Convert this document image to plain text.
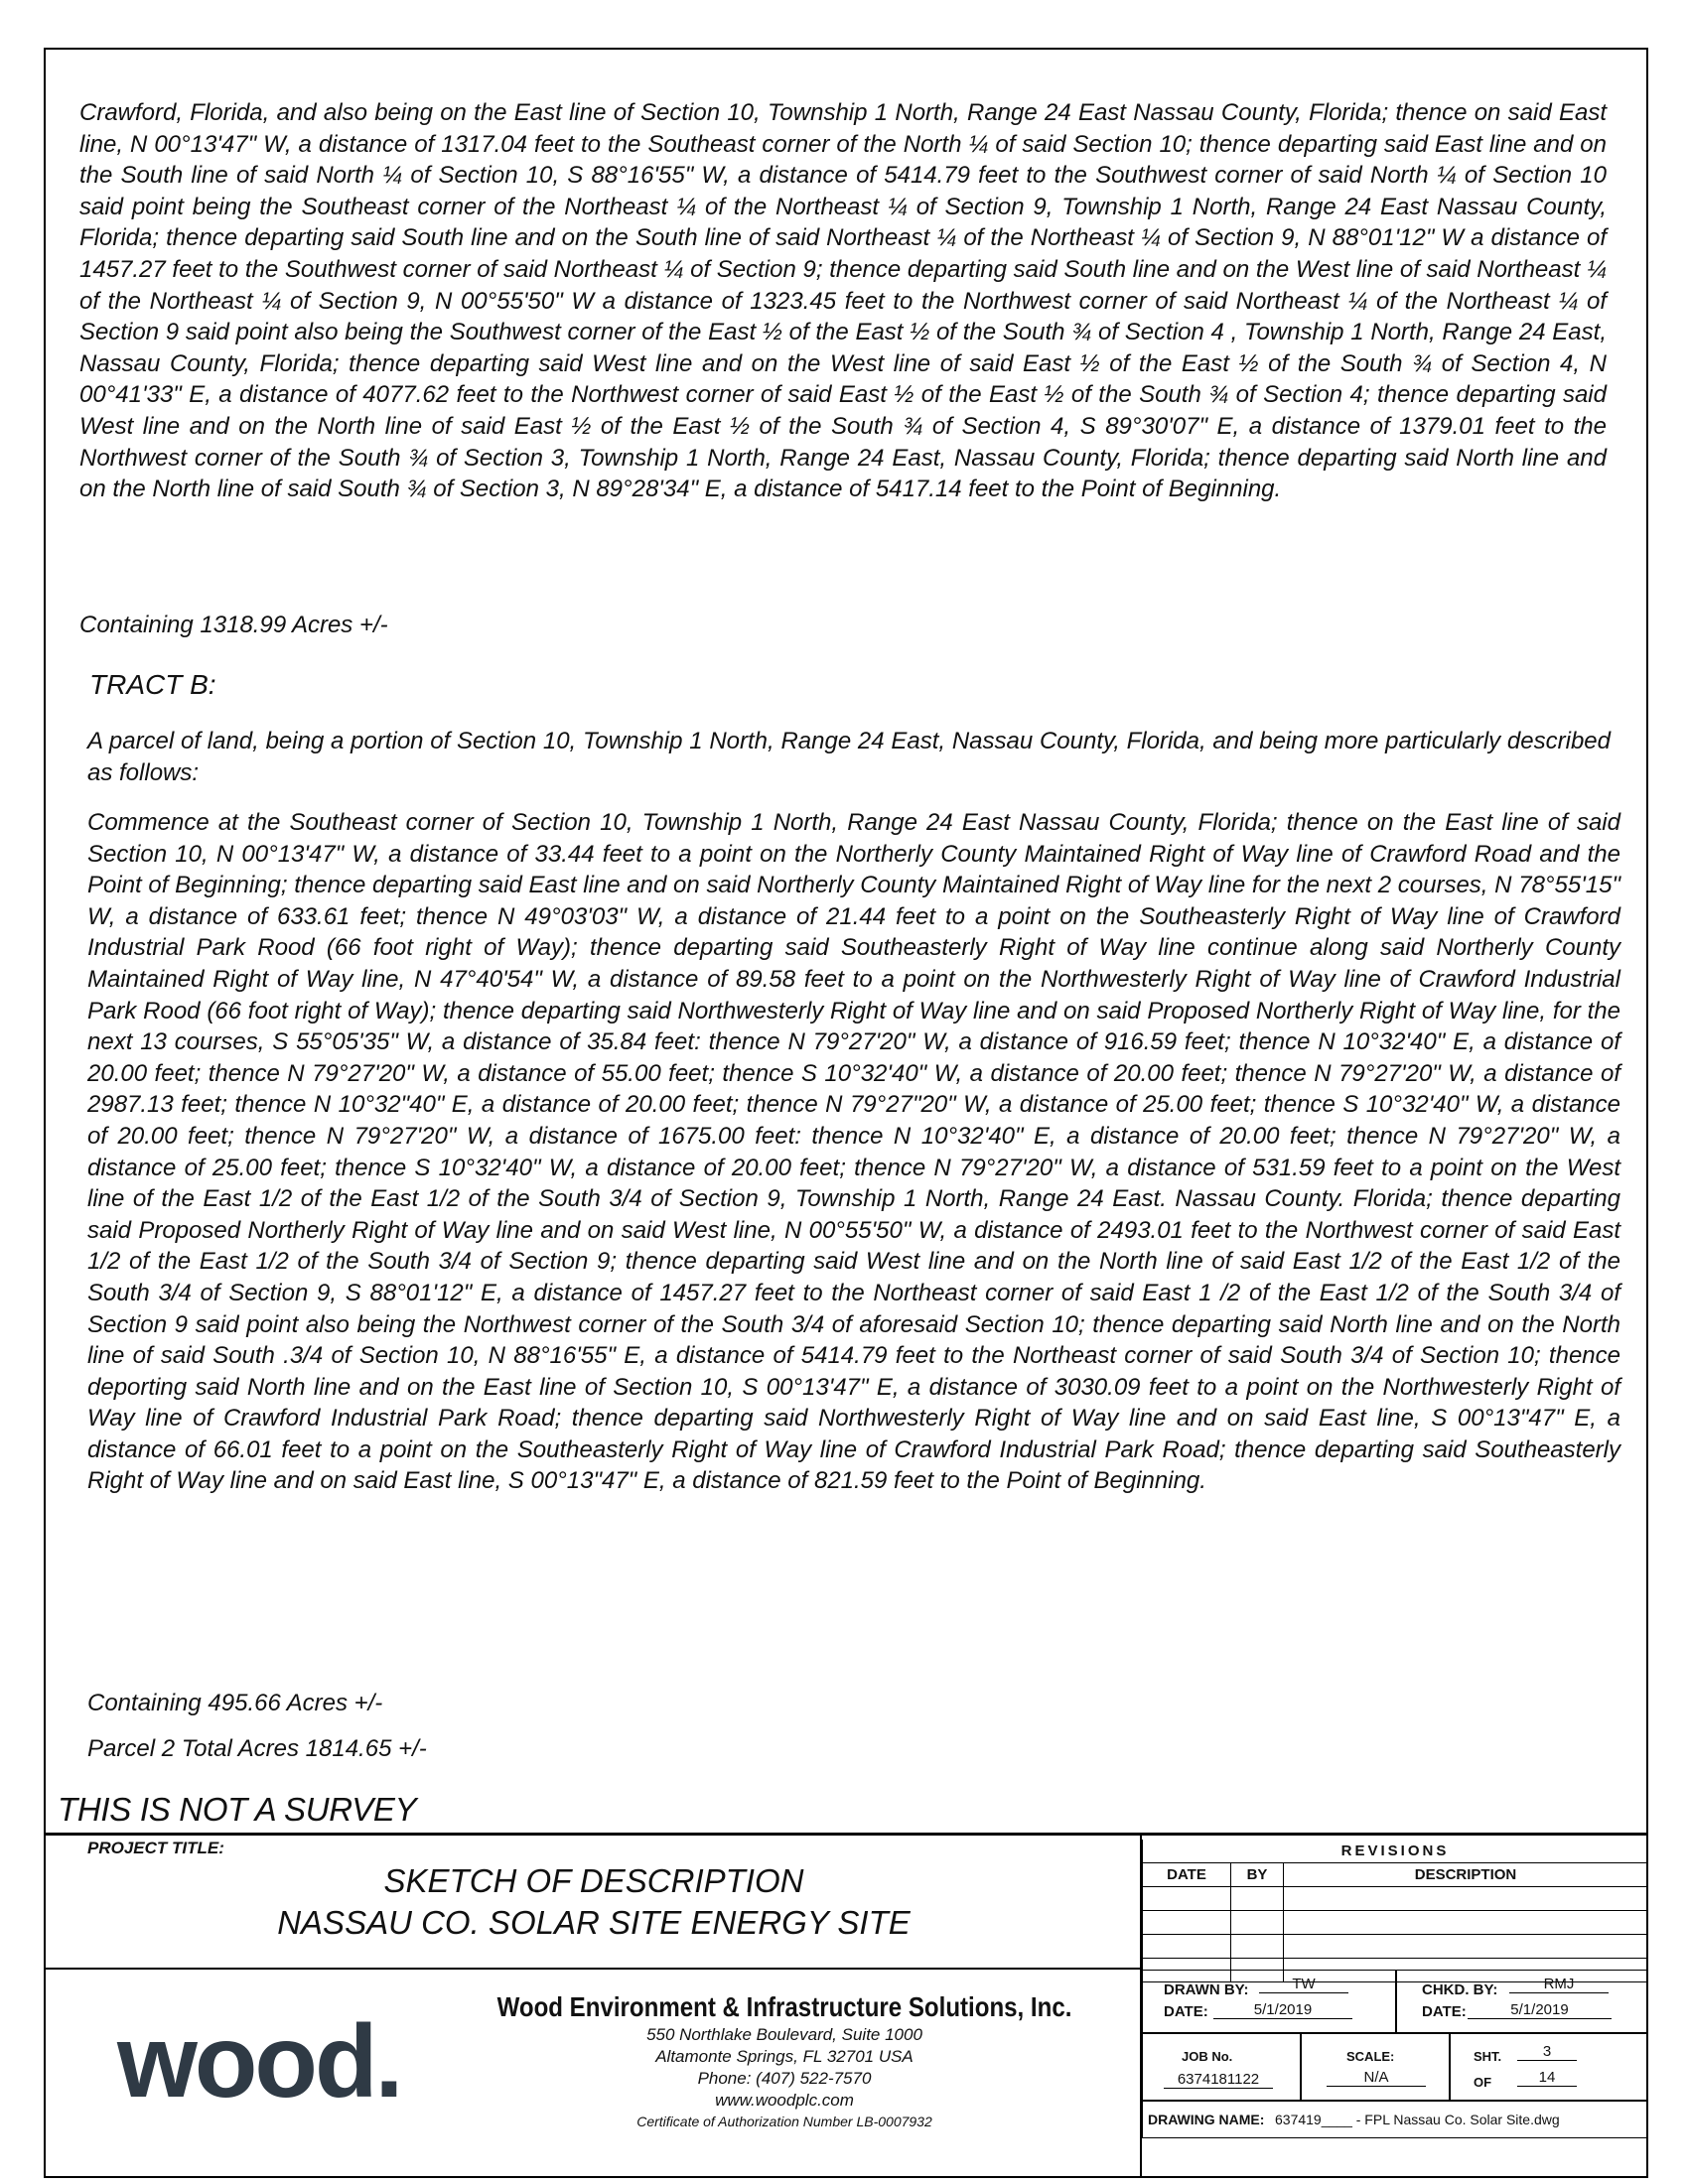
Crawford, Florida, and also being on the East line of Section 10, Township 1 North, Range 24 East Nassau County, Florida; thence on said East line, N 00°13'47" W, a distance of 1317.04 feet to the Southeast corner of the North ¼ of said Section 10; thence departing said East line and on the South line of said North ¼ of Section 10, S 88°16'55" W, a distance of 5414.79 feet to the Southwest corner of said North ¼ of Section 10 said point being the Southeast corner of the Northeast ¼ of the Northeast ¼ of Section 9, Township 1 North, Range 24 East Nassau County, Florida; thence departing said South line and on the South line of said Northeast ¼ of the Northeast ¼ of Section 9, N 88°01'12" W a distance of 1457.27 feet to the Southwest corner of said Northeast ¼ of Section 9; thence departing said South line and on the West line of said Northeast ¼ of the Northeast ¼ of Section 9, N 00°55'50" W a distance of 1323.45 feet to the Northwest corner of said Northeast ¼ of the Northeast ¼ of Section 9 said point also being the Southwest corner of the East ½ of the East ½ of the South ¾ of Section 4 , Township 1 North, Range 24 East, Nassau County, Florida; thence departing said West line and on the West line of said East ½ of the East ½ of the South ¾ of Section 4, N 00°41'33" E, a distance of 4077.62 feet to the Northwest corner of said East ½ of the East ½ of the South ¾ of Section 4; thence departing said West line and on the North line of said East ½ of the East ½ of the South ¾ of Section 4, S 89°30'07" E, a distance of 1379.01 feet to the Northwest corner of the South ¾ of Section 3, Township 1 North, Range 24 East, Nassau County, Florida; thence departing said North line and on the North line of said South ¾ of Section 3, N 89°28'34" E, a distance of 5417.14 feet to the Point of Beginning.

Containing 1318.99 Acres +/-

TRACT B:

A parcel of land, being a portion of Section 10, Township 1 North, Range 24 East, Nassau County, Florida, and being more particularly described as follows:

Commence at the Southeast corner of Section 10, Township 1 North, Range 24 East Nassau County, Florida; thence on the East line of said Section 10, N 00°13'47" W, a distance of 33.44 feet to a point on the Northerly County Maintained Right of Way line of Crawford Road and the Point of Beginning; thence departing said East line and on said Northerly County Maintained Right of Way line for the next 2 courses, N 78°55'15" W, a distance of 633.61 feet; thence N 49°03'03" W, a distance of 21.44 feet to a point on the Southeasterly Right of Way line of Crawford Industrial Park Rood (66 foot right of Way); thence departing said Southeasterly Right of Way line continue along said Northerly County Maintained Right of Way line, N 47°40'54" W, a distance of 89.58 feet to a point on the Northwesterly Right of Way line of Crawford Industrial Park Rood (66 foot right of Way); thence departing said Northwesterly Right of Way line and on said Proposed Northerly Right of Way line, for the next 13 courses, S 55°05'35" W, a distance of 35.84 feet: thence N 79°27'20" W, a distance of 916.59 feet; thence N 10°32'40" E, a distance of 20.00 feet; thence N 79°27'20" W, a distance of 55.00 feet; thence S 10°32'40" W, a distance of 20.00 feet; thence N 79°27'20" W, a distance of 2987.13 feet; thence N 10°32"40" E, a distance of 20.00 feet; thence N 79°27"20" W, a distance of 25.00 feet; thence S 10°32'40" W, a distance of 20.00 feet; thence N 79°27'20" W, a distance of 1675.00 feet: thence N 10°32'40" E, a distance of 20.00 feet; thence N 79°27'20" W, a distance of 25.00 feet; thence S 10°32'40" W, a distance of 20.00 feet; thence N 79°27'20" W, a distance of 531.59 feet to a point on the West line of the East 1/2 of the East 1/2 of the South 3/4 of Section 9, Township 1 North, Range 24 East. Nassau County. Florida; thence departing said Proposed Northerly Right of Way line and on said West line, N 00°55'50" W, a distance of 2493.01 feet to the Northwest corner of said East 1/2 of the East 1/2 of the South 3/4 of Section 9; thence departing said West line and on the North line of said East 1/2 of the East 1/2 of the South 3/4 of Section 9, S 88°01'12" E, a distance of 1457.27 feet to the Northeast corner of said East 1 /2 of the East 1/2 of the South 3/4 of Section 9 said point also being the Northwest corner of the South 3/4 of aforesaid Section 10; thence departing said North line and on the North line of said South .3/4 of Section 10, N 88°16'55" E, a distance of 5414.79 feet to the Northeast corner of said South 3/4 of Section 10; thence deporting said North line and on the East line of Section 10, S 00°13'47" E, a distance of 3030.09 feet to a point on the Northwesterly Right of Way line of Crawford Industrial Park Road; thence departing said Northwesterly Right of Way line and on said East line, S 00°13"47" E, a distance of 66.01 feet to a point on the Southeasterly Right of Way line of Crawford Industrial Park Road; thence departing said Southeasterly Right of Way line and on said East line, S 00°13"47" E, a distance of 821.59 feet to the Point of Beginning.

Containing 495.66 Acres +/-

Parcel 2 Total Acres 1814.65 +/-

THIS IS NOT A SURVEY
PROJECT TITLE:
SKETCH OF DESCRIPTION
NASSAU CO. SOLAR SITE ENERGY SITE
wood.	Wood Environment & Infrastructure Solutions, Inc.
550 Northlake Boulevard, Suite 1000
Altamonte Springs, FL 32701 USA
Phone: (407) 522-7570
www.woodplc.com
Certificate of Authorization Number LB-0007932
REVISIONS		
DATE	BY	DESCRIPTION

DRAWN BY:	TW
DATE:	5/1/2019
CHKD. BY:	RMJ
DATE:	5/1/2019
JOB No.
6374181122
SCALE:
N/A
SHT.	3
OF	14
DRAWING NAME: 637419____ - FPL Nassau Co. Solar Site.dwg
